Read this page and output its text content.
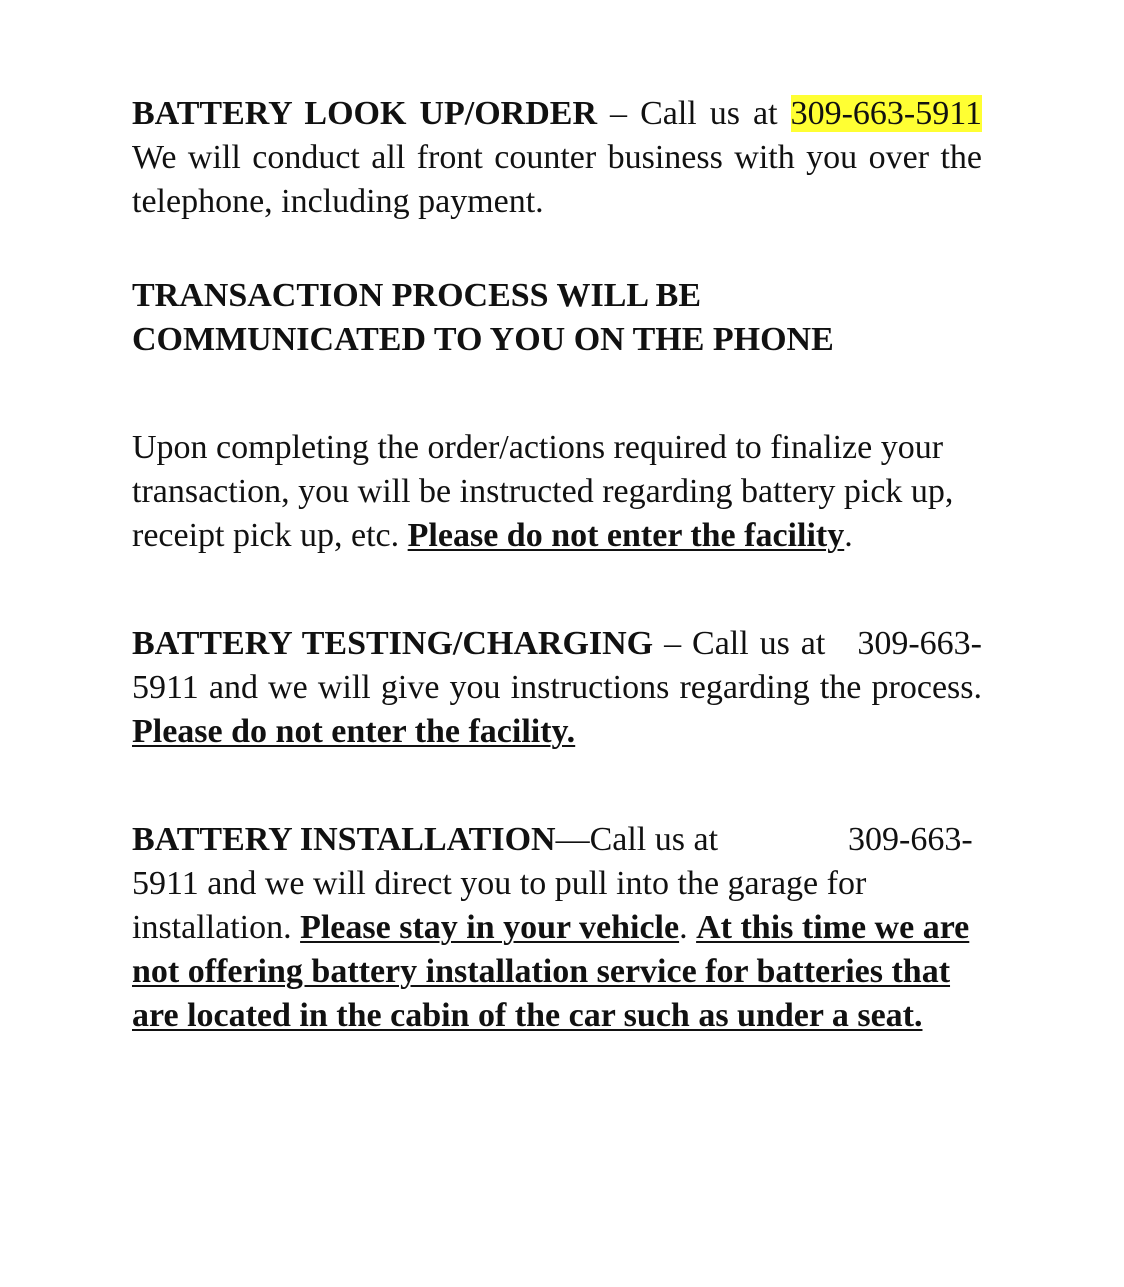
BATTERY LOOK UP/ORDER – Call us at 309-663-5911 We will conduct all front counter business with you over the telephone, including payment.

TRANSACTION PROCESS WILL BE
COMMUNICATED TO YOU ON THE PHONE

Upon completing the order/actions required to finalize your transaction, you will be instructed regarding battery pick up, receipt pick up, etc. Please do not enter the facility.

BATTERY TESTING/CHARGING – Call us at 309-663-5911 and we will give you instructions regarding the process. Please do not enter the facility.

BATTERY INSTALLATION—Call us at	309-663-5911 and we will direct you to pull into the garage for installation. Please stay in your vehicle. At this time we are not offering battery installation service for batteries that are located in the cabin of the car such as under a seat.
